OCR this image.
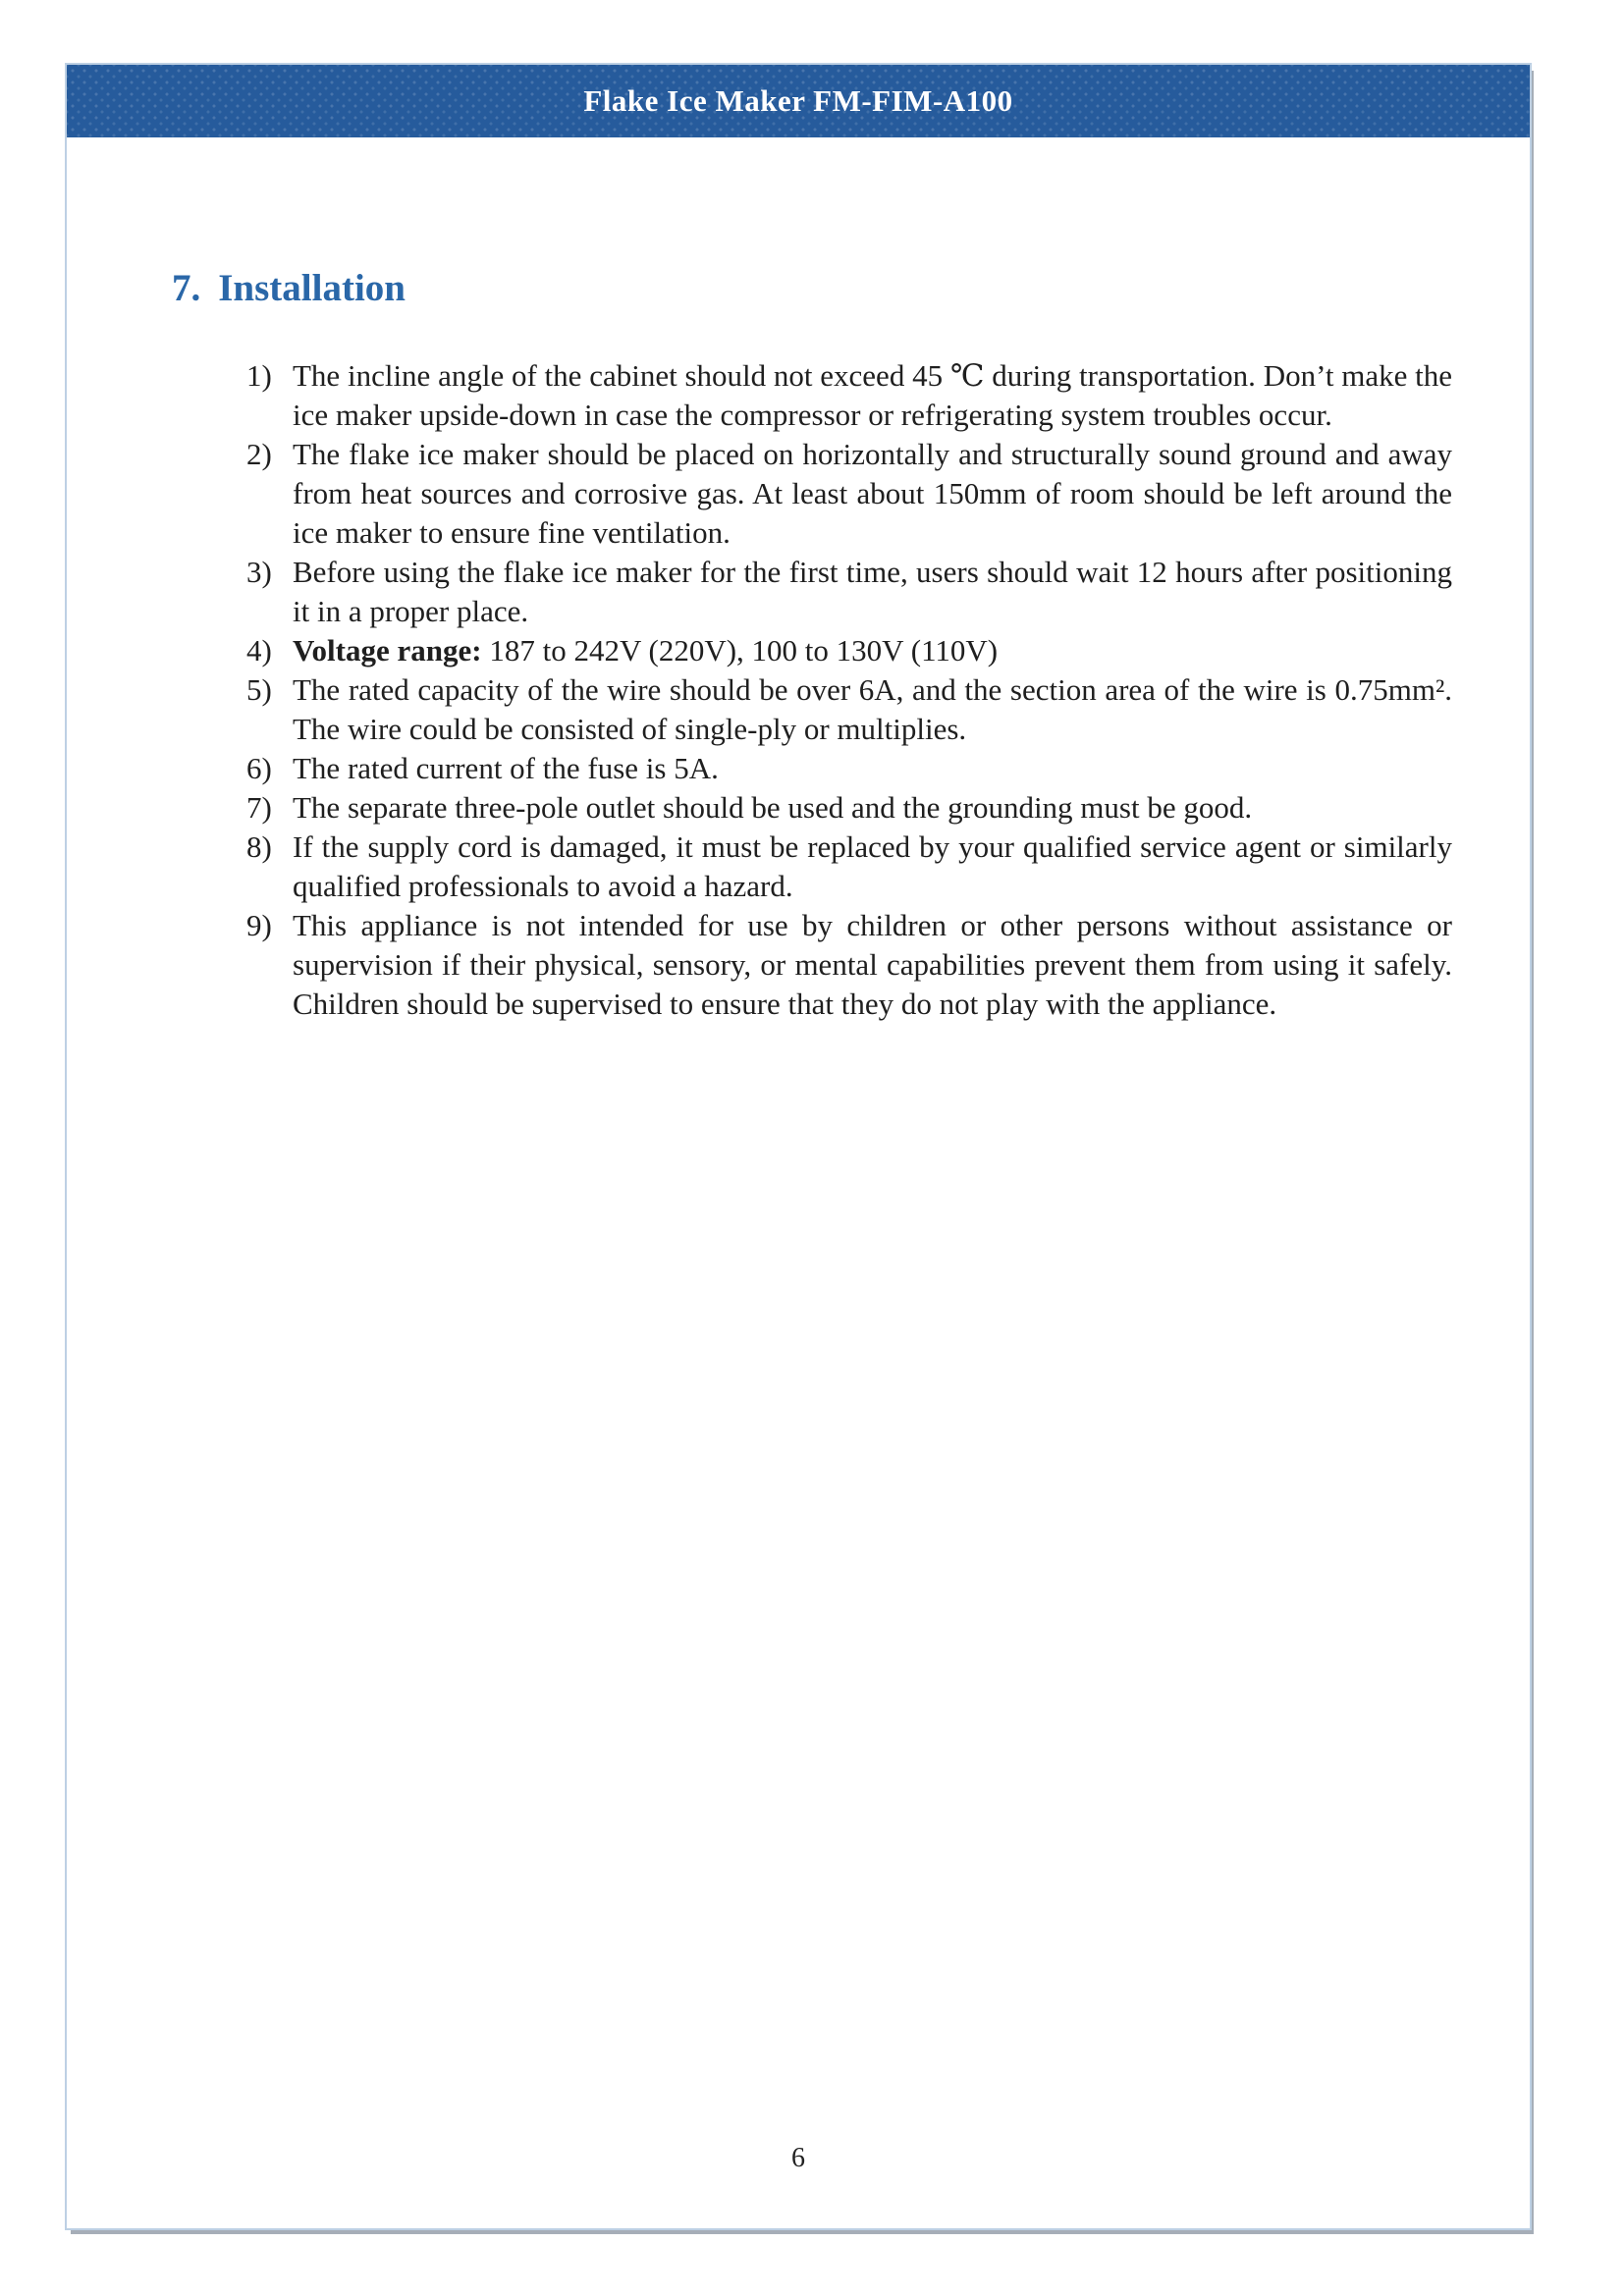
Flake Ice Maker FM-FIM-A100
7. Installation
1) The incline angle of the cabinet should not exceed 45 ℃ during transportation. Don’t make the ice maker upside-down in case the compressor or refrigerating system troubles occur.
2) The flake ice maker should be placed on horizontally and structurally sound ground and away from heat sources and corrosive gas. At least about 150mm of room should be left around the ice maker to ensure fine ventilation.
3) Before using the flake ice maker for the first time, users should wait 12 hours after positioning it in a proper place.
4) Voltage range: 187 to 242V (220V), 100 to 130V (110V)
5) The rated capacity of the wire should be over 6A, and the section area of the wire is 0.75mm². The wire could be consisted of single-ply or multiplies.
6) The rated current of the fuse is 5A.
7) The separate three-pole outlet should be used and the grounding must be good.
8) If the supply cord is damaged, it must be replaced by your qualified service agent or similarly qualified professionals to avoid a hazard.
9) This appliance is not intended for use by children or other persons without assistance or supervision if their physical, sensory, or mental capabilities prevent them from using it safely. Children should be supervised to ensure that they do not play with the appliance.
6
